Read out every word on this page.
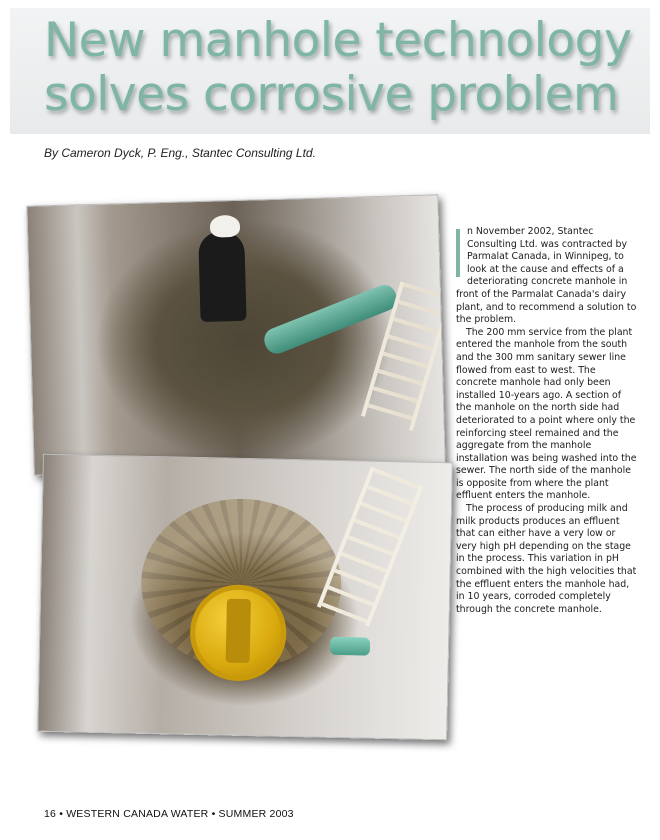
New manhole technology
solves corrosive problem
By Cameron Dyck, P. Eng., Stantec Consulting Ltd.

n November 2002, Stantec Consulting Ltd. was contracted by Parmalat Canada, in Winnipeg, to look at the cause and effects of a deteriorating concrete manhole in front of the Parmalat Canada's dairy plant, and to recommend a solution to the problem.

The 200 mm service from the plant entered the manhole from the south and the 300 mm sanitary sewer line flowed from east to west. The concrete manhole had only been installed 10-years ago. A section of the manhole on the north side had deteriorated to a point where only the reinforcing steel remained and the aggregate from the manhole installation was being washed into the sewer. The north side of the manhole is opposite from where the plant effluent enters the manhole.

The process of producing milk and milk products produces an effluent that can either have a very low or very high pH depending on the stage in the process. This variation in pH combined with the high velocities that the effluent enters the manhole had, in 10 years, corroded completely through the concrete manhole.

16 • WESTERN CANADA WATER • SUMMER 2003
